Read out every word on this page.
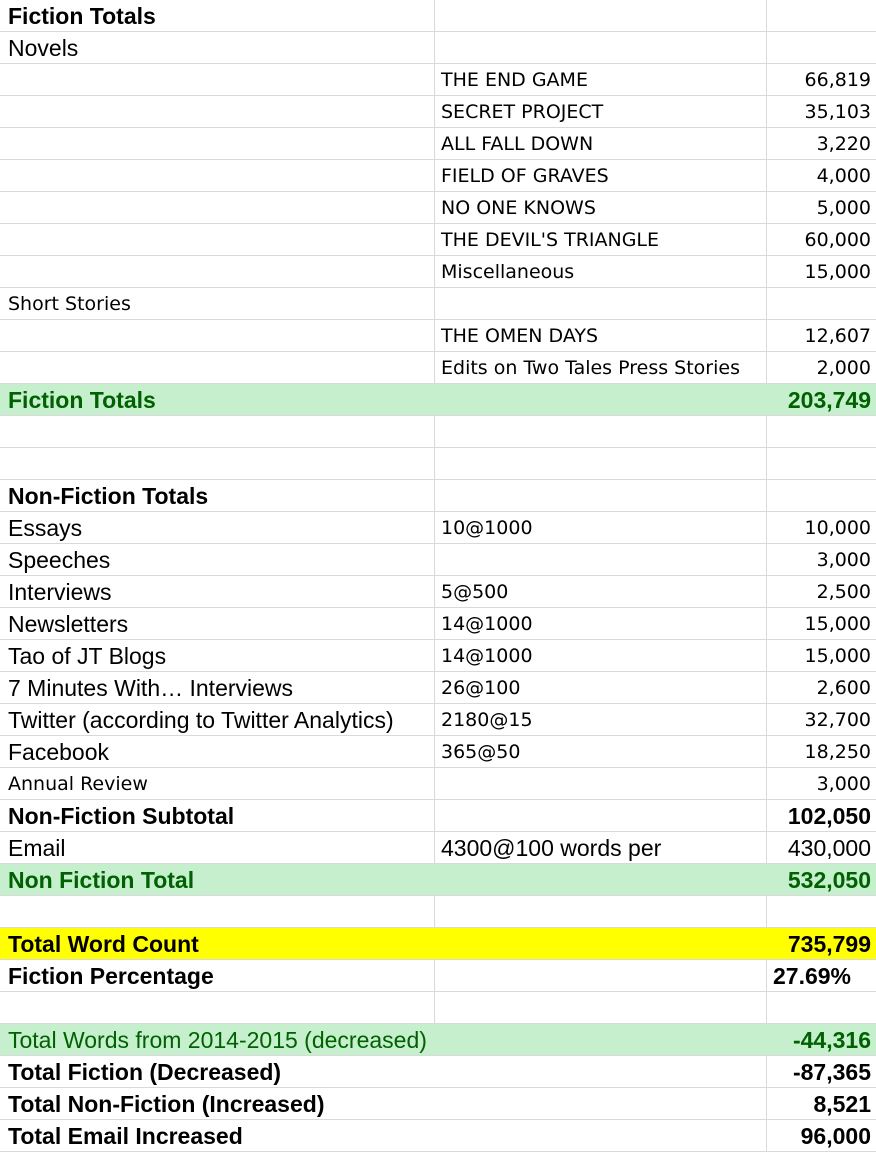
Fiction Totals
Novels
THE END GAME	66,819
SECRET PROJECT	35,103
ALL FALL DOWN	3,220
FIELD OF GRAVES	4,000
NO ONE KNOWS	5,000
THE DEVIL'S TRIANGLE	60,000
Miscellaneous	15,000
Short Stories
THE OMEN DAYS	12,607
Edits on Two Tales Press Stories	2,000
Fiction Totals	203,749
Non-Fiction Totals
Essays	10@1000	10,000
Speeches	3,000
Interviews	5@500	2,500
Newsletters	14@1000	15,000
Tao of JT Blogs	14@1000	15,000
7 Minutes With… Interviews	26@100	2,600
Twitter (according to Twitter Analytics)	2180@15	32,700
Facebook	365@50	18,250
Annual Review	3,000
Non-Fiction Subtotal	102,050
Email	4300@100 words per	430,000
Non Fiction Total	532,050
Total Word Count	735,799
Fiction Percentage	27.69%
Total Words from 2014-2015 (decreased)	-44,316
Total Fiction (Decreased)	-87,365
Total Non-Fiction (Increased)	8,521
Total Email Increased	96,000
